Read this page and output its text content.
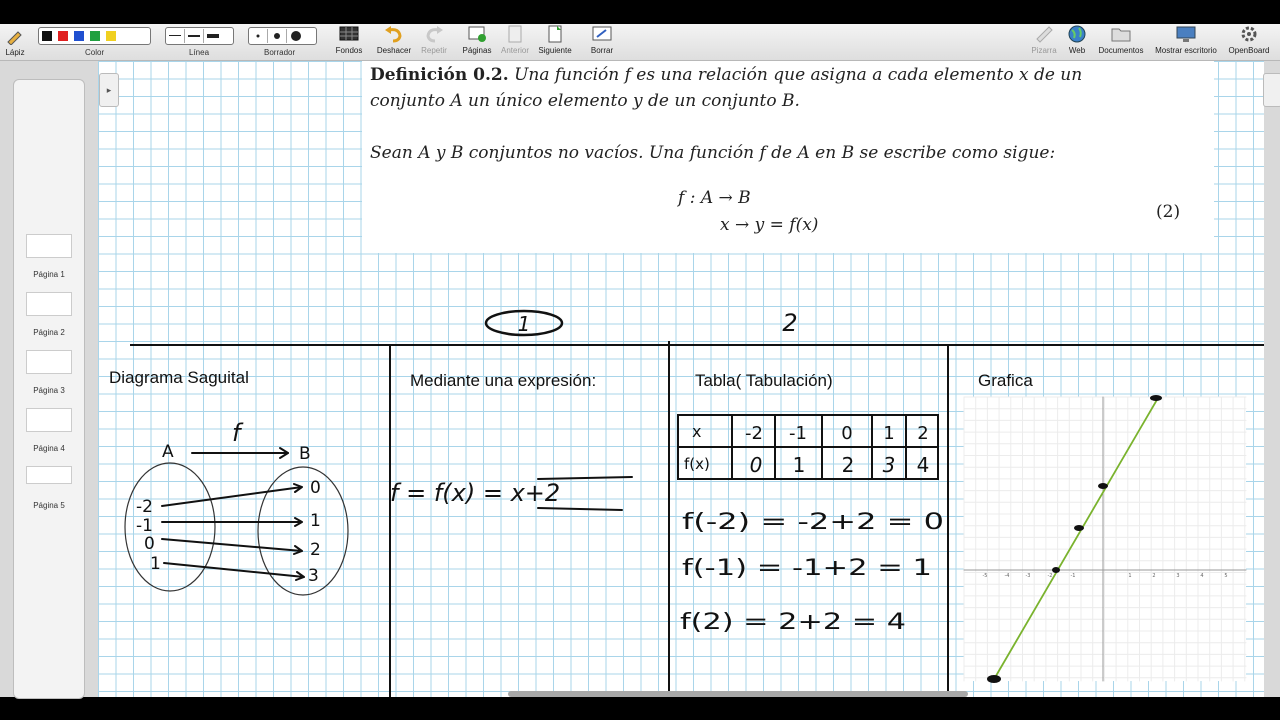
Lápiz	Color	Línea	Borrador	Fondos Deshacer	Repetir	Páginas Anterior Siguiente	Borrar	Pizarra	Web	Documentos	Mostrar escritorio	OpenBoard
Página 1
Página 2
Página 3
Página 4
Página 5
Definición 0.2. Una función f es una relación que asigna a cada elemento x de un
conjunto A un único elemento y de un conjunto B.
Sean A y B conjuntos no vacíos. Una función f de A en B se escribe como sigue:
f : A → B
x → y = f(x)
(2)
Diagrama Saguital	Mediante una expresión:	Tabla( Tabulación)	Grafica
1	2
A	B
f
-2
-1
0
1
0
1
2
3
f = f(x) = x+2
x -2 -1 0 1 2
f(x) 0 1 2 3 4
f(-2) = -2+2 = 0
f(-1) = -1+2 = 1
f(2) = 2+2 = 4
-5	-4	-3	-2	-1	1	2	3	4	5
▸
